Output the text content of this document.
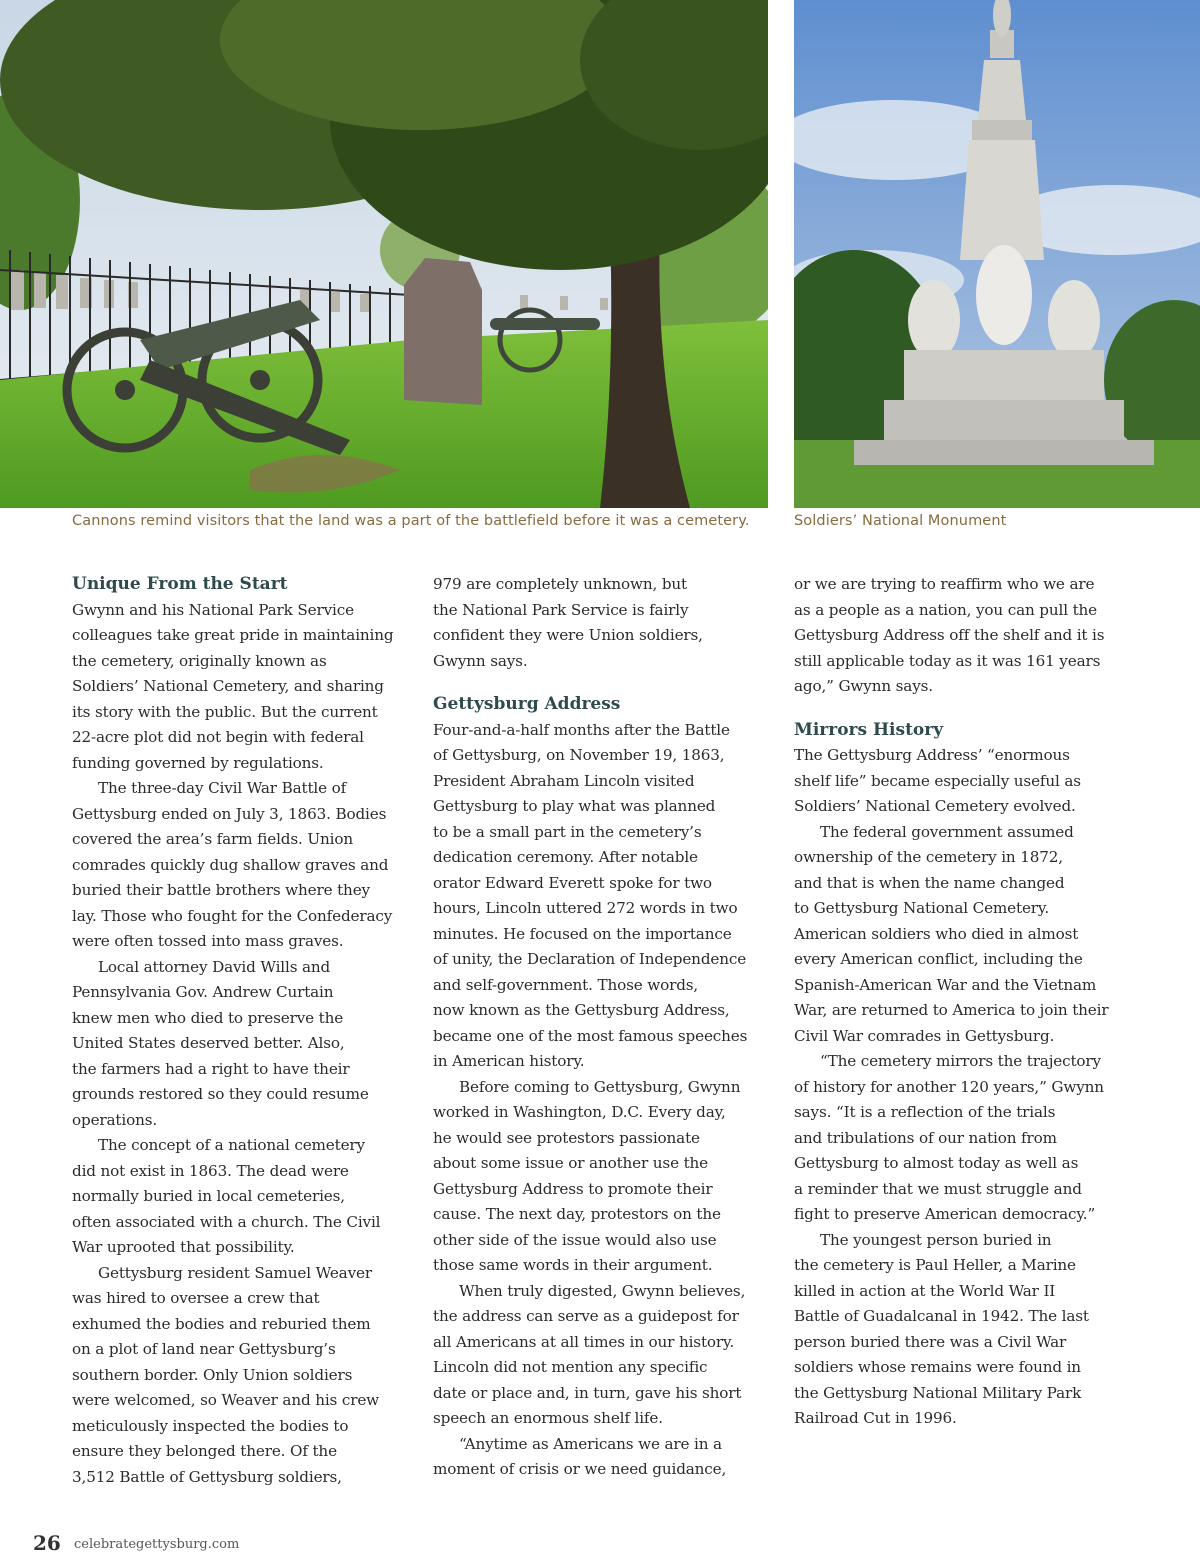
Cannons remind visitors that the land was a part of the battlefield before it was a cemetery.	Soldiers’ National Monument
Unique From the Start
Gwynn and his National Park Service
colleagues take great pride in maintaining
the cemetery, originally known as
Soldiers’ National Cemetery, and sharing
its story with the public. But the current
22-acre plot did not begin with federal
funding governed by regulations.
The three-day Civil War Battle of
Gettysburg ended on July 3, 1863. Bodies
covered the area’s farm fields. Union
comrades quickly dug shallow graves and
buried their battle brothers where they
lay. Those who fought for the Confederacy
were often tossed into mass graves.
Local attorney David Wills and
Pennsylvania Gov. Andrew Curtain
knew men who died to preserve the
United States deserved better. Also,
the farmers had a right to have their
grounds restored so they could resume
operations.
The concept of a national cemetery
did not exist in 1863. The dead were
normally buried in local cemeteries,
often associated with a church. The Civil
War uprooted that possibility.
Gettysburg resident Samuel Weaver
was hired to oversee a crew that
exhumed the bodies and reburied them
on a plot of land near Gettysburg’s
southern border. Only Union soldiers
were welcomed, so Weaver and his crew
meticulously inspected the bodies to
ensure they belonged there. Of the
3,512 Battle of Gettysburg soldiers,
979 are completely unknown, but
the National Park Service is fairly
confident they were Union soldiers,
Gwynn says.
Gettysburg Address
Four-and-a-half months after the Battle
of Gettysburg, on November 19, 1863,
President Abraham Lincoln visited
Gettysburg to play what was planned
to be a small part in the cemetery’s
dedication ceremony. After notable
orator Edward Everett spoke for two
hours, Lincoln uttered 272 words in two
minutes. He focused on the importance
of unity, the Declaration of Independence
and self-government. Those words,
now known as the Gettysburg Address,
became one of the most famous speeches
in American history.
Before coming to Gettysburg, Gwynn
worked in Washington, D.C. Every day,
he would see protestors passionate
about some issue or another use the
Gettysburg Address to promote their
cause. The next day, protestors on the
other side of the issue would also use
those same words in their argument.
When truly digested, Gwynn believes,
the address can serve as a guidepost for
all Americans at all times in our history.
Lincoln did not mention any specific
date or place and, in turn, gave his short
speech an enormous shelf life.
“Anytime as Americans we are in a
moment of crisis or we need guidance,
or we are trying to reaffirm who we are
as a people as a nation, you can pull the
Gettysburg Address off the shelf and it is
still applicable today as it was 161 years
ago,” Gwynn says.
Mirrors History
The Gettysburg Address’ “enormous
shelf life” became especially useful as
Soldiers’ National Cemetery evolved.
The federal government assumed
ownership of the cemetery in 1872,
and that is when the name changed
to Gettysburg National Cemetery.
American soldiers who died in almost
every American conflict, including the
Spanish-American War and the Vietnam
War, are returned to America to join their
Civil War comrades in Gettysburg.
“The cemetery mirrors the trajectory
of history for another 120 years,” Gwynn
says. “It is a reflection of the trials
and tribulations of our nation from
Gettysburg to almost today as well as
a reminder that we must struggle and
fight to preserve American democracy.”
The youngest person buried in
the cemetery is Paul Heller, a Marine
killed in action at the World War II
Battle of Guadalcanal in 1942. The last
person buried there was a Civil War
soldiers whose remains were found in
the Gettysburg National Military Park
Railroad Cut in 1996.
26 celebrategettysburg.com
